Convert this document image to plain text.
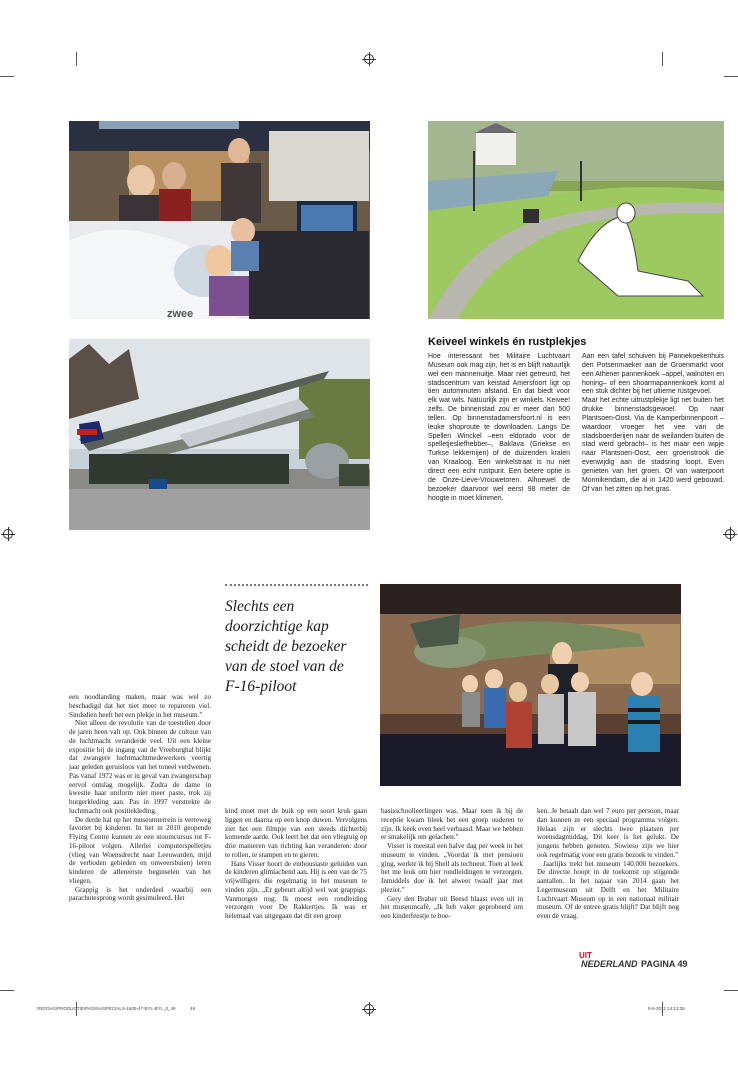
zwee
Keiveel winkels én rustplekjes

Hoe interessant het Militaire Luchtvaart Museum ook mag zijn, het is en blijft natuurlijk wel een mannenuitje. Maar niet getreurd, het stadscentrum van keistad Amersfoort ligt op tien autominuten afstand. En dat biedt voor elk wat wils. Natuurlijk zijn er winkels. Keivee! zelfs. De binnenstad zou er meer dan 500 tellen. Op binnenstadamersfoort.nl is een leuke shoproute te downloaden. Langs De Spellen Winckel –een eldorado voor de spelletjesliefhebber–, Baklava (Griekse en Turkse lekkernijen) of de duizenden kralen van Kraaloog. Een winkelstraat is nu niet direct een echt rustpunt. Een betere optie is de Onze-Lieve-Vrouwetoren. Alhoewel de bezoeker daarvoor wel eerst 98 meter de hoogte in moet klimmen.

Aan een tafel schuiven bij Pannekoekenhuis den Potsenmaeker aan de Groenmarkt voor een Athener pannenkoek –appel, walnoten en honing– of een shoarmapannenkoek komt al een stuk dichter bij het ultieme rustgevoel.

Maar het echte uitrustplekje ligt net buiten het drukke binnenstadsgewoel. Op naar Plantsoen-Oost. Via de Kamperbinnenpoort –waardoor vroeger het vee van de stadsboerderijen naar de weilanden buiten de stad werd gebracht– is het maar een wipje naar Plantsoen-Oost, een groenstrook die evenwijdig aan de stadsring loopt. Even genieten van het groen. Of van waterpoort Monnikendam, die al in 1420 werd gebouwd. Of van het zitten op het gras.

Slechts een
doorzichtige kap
scheidt de bezoeker
van de stoel van de
F-16-piloot

een noodlanding maken, maar was wel zo beschadigd dat het niet meer te repareren viel. Sindsdien heeft het een plekje in het museum."

Niet alleen de revolutie van de toestellen door de jaren heen valt op. Ook binnen de cultuur van de luchtmacht veranderde veel. Uit een kleine expositie bij de ingang van de Vreeburghal blijkt dat zwangere luchtmachtmedewerkers veertig jaar geleden geruisloos van het toneel verdwenen. Pas vanaf 1972 was er in geval van zwangerschap eervol ontslag mogelijk. Zodra de dame in kwestie haar uniform niet meer paste, trok zij burgerkleding aan. Pas in 1997 verstrekte de luchtmacht ook positiekleding.

De derde hal op het museumterrein is verreweg favoriet bij kinderen. In het in 2010 geopende Flying Centre kunnen ze een stoomcursus tot F-16-piloot volgen. Allerlei computerspelletjes (vlieg van Woensdrecht naar Leeuwarden, mijd de verboden gebieden en onweersbuien) leren kinderen de allereerste beginselen van het vliegen.

Grappig is het onderdeel waarbij een parachutesprong wordt gesimuleerd. Het

kind moet met de buik op een soort kruk gaan liggen en daarna op een knop duwen. Vervolgens ziet het een filmpje van een steeds dichterbij komende aarde. Ook leert het dat een vliegtuig op drie manieren van richting kan veranderen: door te rollen, te stampen en te gieren.

Hans Visser hoort de enthousiaste geluiden van de kinderen glimlachend aan. Hij is een van de 75 vrijwilligers die regelmatig in het museum te vinden zijn. „Er gebeurt altijd wel wat grappigs. Vanmorgen nog. Ik moest een rondleiding verzorgen voor De Rakkertjes. Ik was er helemaal van uitgegaan dat dit een groep

basisschoolleerlingen was. Maar toen ik bij de receptie kwam bleek het een groep ouderen te zijn. Ik keek even heel verbaasd. Maar we hebben er smakelijk om gelachen."

Visser is meestal een halve dag per week in het museum te vinden. „Voordat ik met pensioen ging, werkte ik bij Shell als techneut. Toen al leek het me leuk om hier rondleidingen te verzorgen. Inmiddels doe ik het alweer twaalf jaar met plezier."

Gery den Braber uit Beesd blaast even uit in het museumcafé. „Ik heb vaker geprobeerd om een kinderfeestje te boe-

ken. Je betaalt dan wel 7 euro per persoon, maar dan kunnen ze een speciaal programma volgen. Helaas zijn er slechts twee plaatsen per woensdagmiddag. Dit keer is het gelukt. De jongens hebben genoten. Sowieso zijn we hier ook regelmatig voor een gratis bezoek te vinden."

Jaarlijks trekt het museum 140.000 bezoekers. De directie hoopt in de toekomst op stijgende aantallen. In het najaar van 2014 gaan het Legermuseum uit Delft en het Militaire Luchtvaart Museum op in een nationaal militair museum. Of de entree gratis blijft? Dat blijft nog even de vraag.

UIT
NEDERLAND PAGINA 49
:REFDAG/PRODUCTIE/PAGINA/SPECIALS-1605-47-BYL-BYL_0_49	49	9-5-2012 14:13:35
